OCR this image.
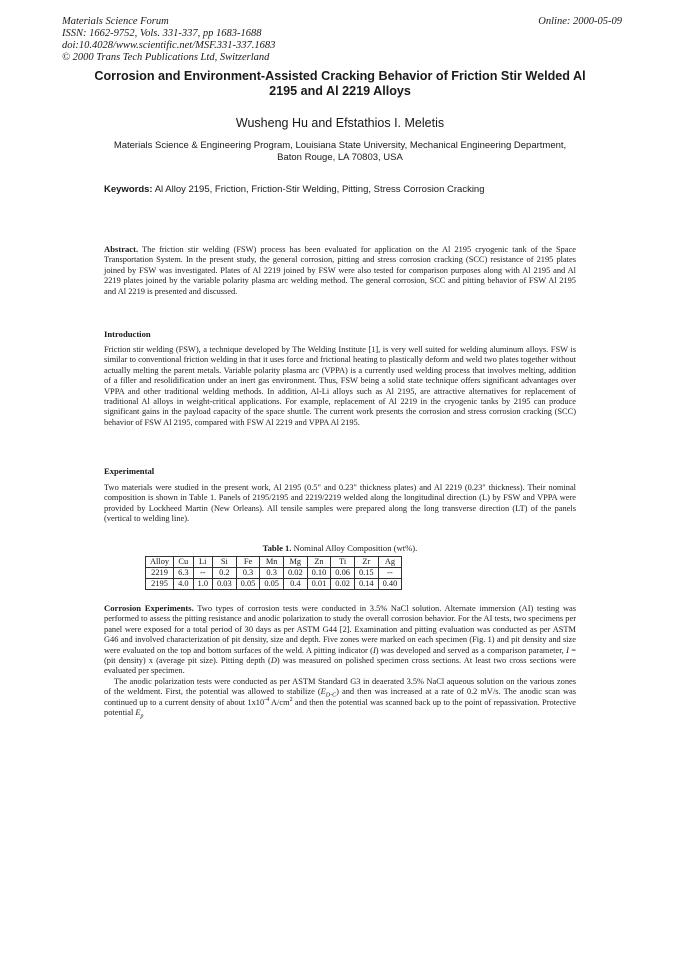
Materials Science Forum
ISSN: 1662-9752, Vols. 331-337, pp 1683-1688
doi:10.4028/www.scientific.net/MSF.331-337.1683
© 2000 Trans Tech Publications Ltd, Switzerland
Online: 2000-05-09
Corrosion and Environment-Assisted Cracking Behavior of Friction Stir Welded Al 2195 and Al 2219 Alloys
Wusheng Hu and Efstathios I. Meletis
Materials Science & Engineering Program, Louisiana State University, Mechanical Engineering Department, Baton Rouge, LA 70803, USA
Keywords: Al Alloy 2195, Friction, Friction-Stir Welding, Pitting, Stress Corrosion Cracking
Abstract. The friction stir welding (FSW) process has been evaluated for application on the Al 2195 cryogenic tank of the Space Transportation System. In the present study, the general corrosion, pitting and stress corrosion cracking (SCC) resistance of 2195 plates joined by FSW was investigated. Plates of Al 2219 joined by FSW were also tested for comparison purposes along with Al 2195 and Al 2219 plates joined by the variable polarity plasma arc welding method. The general corrosion, SCC and pitting behavior of FSW Al 2195 and Al 2219 is presented and discussed.
Introduction
Friction stir welding (FSW), a technique developed by The Welding Institute [1], is very well suited for welding aluminum alloys. FSW is similar to conventional friction welding in that it uses force and frictional heating to plastically deform and weld two plates together without actually melting the parent metals. Variable polarity plasma arc (VPPA) is a currently used welding process that involves melting, addition of a filler and resolidification under an inert gas environment. Thus, FSW being a solid state technique offers significant advantages over VPPA and other traditional welding methods. In addition, Al-Li alloys such as Al 2195, are attractive alternatives for replacement of traditional Al alloys in weight-critical applications. For example, replacement of Al 2219 in the cryogenic tanks by 2195 can produce significant gains in the payload capacity of the space shuttle. The current work presents the corrosion and stress corrosion cracking (SCC) behavior of FSW Al 2195, compared with FSW Al 2219 and VPPA Al 2195.
Experimental
Two materials were studied in the present work, Al 2195 (0.5" and 0.23" thickness plates) and Al 2219 (0.23" thickness). Their nominal composition is shown in Table 1. Panels of 2195/2195 and 2219/2219 welded along the longitudinal direction (L) by FSW and VPPA were provided by Lockheed Martin (New Orleans). All tensile samples were prepared along the long transverse direction (LT) of the panels (vertical to welding line).
Table 1. Nominal Alloy Composition (wt%).
Alloy	Cu	Li	Si	Fe	Mn	Mg	Zn	Ti	Zr	Ag
2219	6.3	--	0.2	0.3	0.3	0.02	0.10	0.06	0.15	--
2195	4.0	1.0	0.03	0.05	0.05	0.4	0.01	0.02	0.14	0.40
Corrosion Experiments. Two types of corrosion tests were conducted in 3.5% NaCl solution. Alternate immersion (AI) testing was performed to assess the pitting resistance and anodic polarization to study the overall corrosion behavior. For the AI tests, two specimens per panel were exposed for a total period of 30 days as per ASTM G44 [2]. Examination and pitting evaluation was conducted as per ASTM G46 and involved characterization of pit density, size and depth. Five zones were marked on each specimen (Fig. 1) and pit density and size were evaluated on the top and bottom surfaces of the weld. A pitting indicator (I) was developed and served as a comparison parameter, I = (pit density) x (average pit size). Pitting depth (D) was measured on polished specimen cross sections. At least two cross sections were evaluated per specimen.
The anodic polarization tests were conducted as per ASTM Standard G3 in deaerated 3.5% NaCl aqueous solution on the various zones of the weldment. First, the potential was allowed to stabilize $(E_{D-C})$ and then was increased at a rate of 0.2 mV/s. The anodic scan was continued up to a current density of about $1x10^{-4}$ $A/cm^2$ and then the potential was scanned back up to the point of repassivation. Protective potential $E_p$
